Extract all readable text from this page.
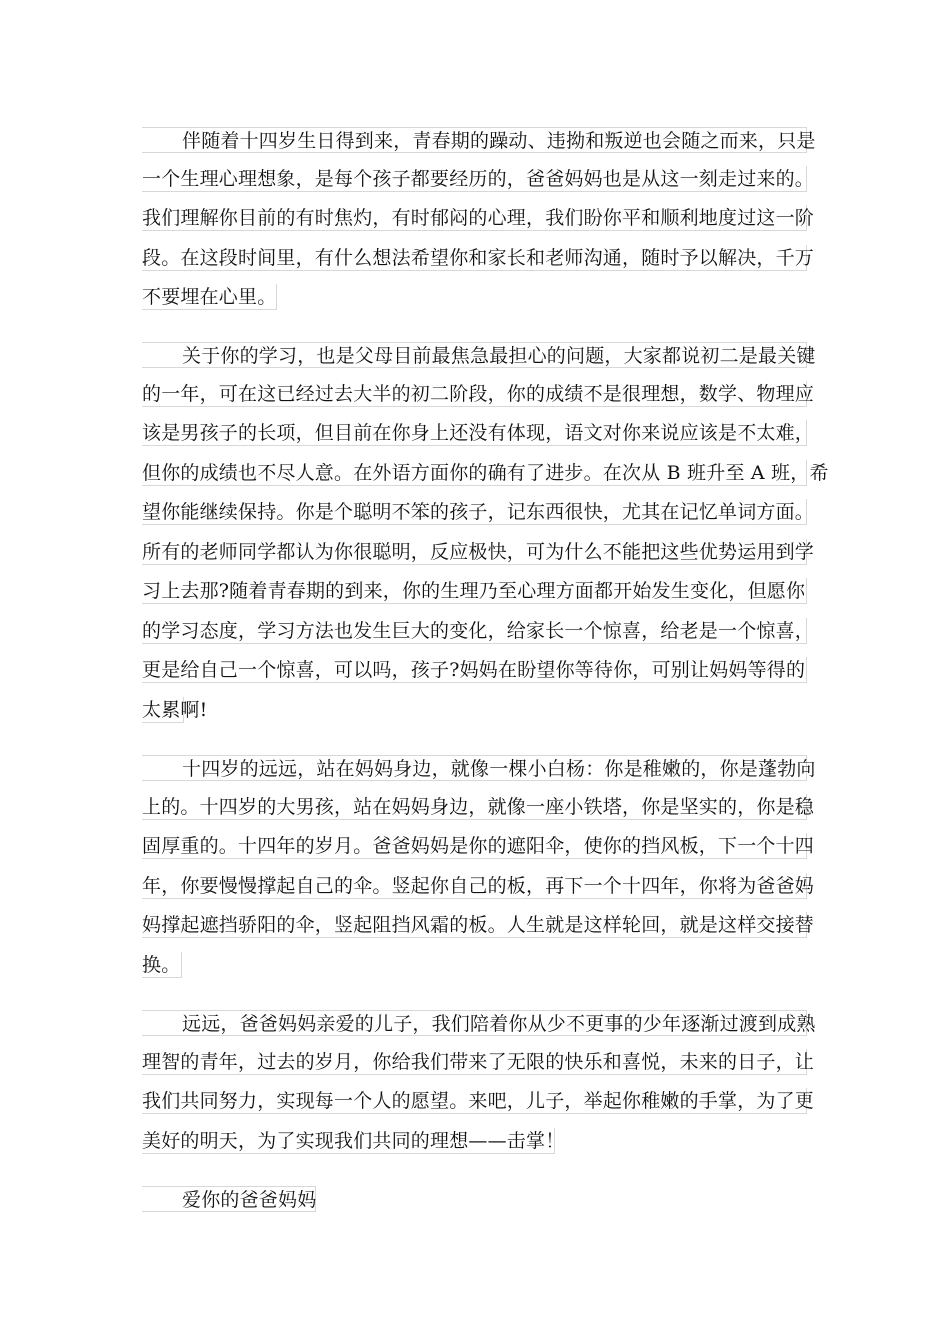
伴随着十四岁生日得到来，青春期的躁动、违拗和叛逆也会随之而来，只是
一个生理心理想象，是每个孩子都要经历的，爸爸妈妈也是从这一刻走过来的。
我们理解你目前的有时焦灼，有时郁闷的心理，我们盼你平和顺利地度过这一阶
段。在这段时间里，有什么想法希望你和家长和老师沟通，随时予以解决，千万
不要埋在心里。
关于你的学习，也是父母目前最焦急最担心的问题，大家都说初二是最关键
的一年，可在这已经过去大半的初二阶段，你的成绩不是很理想，数学、物理应
该是男孩子的长项，但目前在你身上还没有体现，语文对你来说应该是不太难，
但你的成绩也不尽人意。在外语方面你的确有了进步。在次从 B 班升至 A 班，希
望你能继续保持。你是个聪明不笨的孩子，记东西很快，尤其在记忆单词方面。
所有的老师同学都认为你很聪明，反应极快，可为什么不能把这些优势运用到学
习上去那?随着青春期的到来，你的生理乃至心理方面都开始发生变化，但愿你
的学习态度，学习方法也发生巨大的变化，给家长一个惊喜，给老是一个惊喜，
更是给自己一个惊喜，可以吗，孩子?妈妈在盼望你等待你，可别让妈妈等得的
太累啊!
十四岁的远远，站在妈妈身边，就像一棵小白杨：你是稚嫩的，你是蓬勃向
上的。十四岁的大男孩，站在妈妈身边，就像一座小铁塔，你是坚实的，你是稳
固厚重的。十四年的岁月。爸爸妈妈是你的遮阳伞，使你的挡风板，下一个十四
年，你要慢慢撑起自己的伞。竖起你自己的板，再下一个十四年，你将为爸爸妈
妈撑起遮挡骄阳的伞，竖起阻挡风霜的板。人生就是这样轮回，就是这样交接替
换。
远远，爸爸妈妈亲爱的儿子，我们陪着你从少不更事的少年逐渐过渡到成熟
理智的青年，过去的岁月，你给我们带来了无限的快乐和喜悦，未来的日子，让
我们共同努力，实现每一个人的愿望。来吧，儿子，举起你稚嫩的手掌，为了更
美好的明天，为了实现我们共同的理想——击掌！
爱你的爸爸妈妈
